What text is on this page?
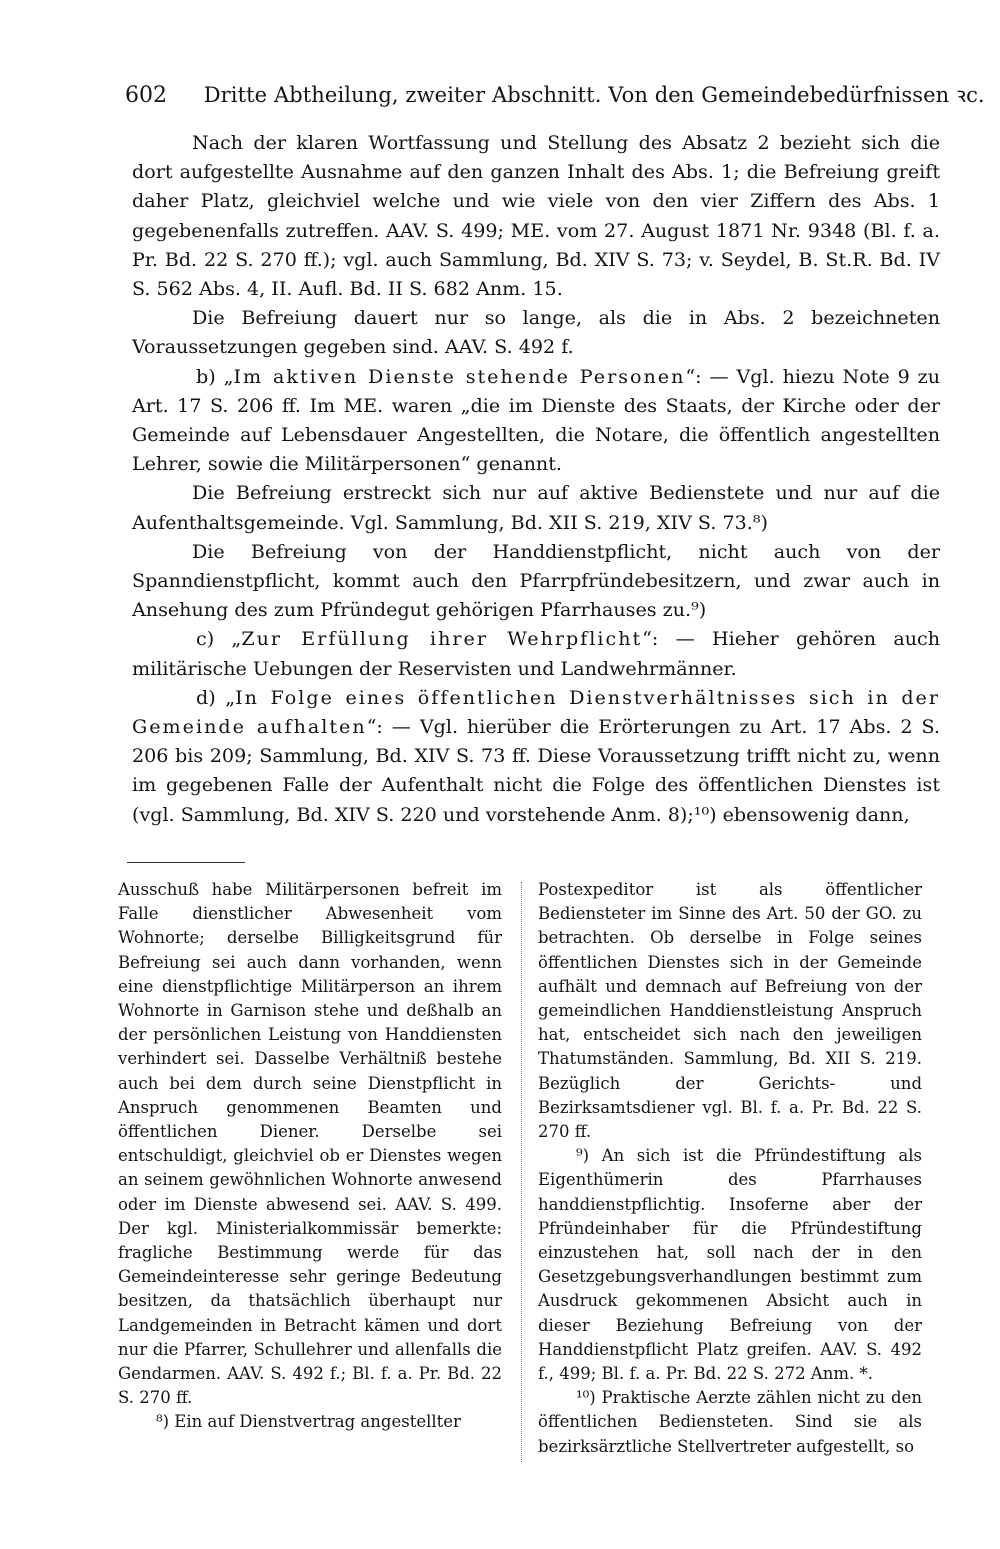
602 Dritte Abtheilung, zweiter Abschnitt. Von den Gemeindebedürfnissen ꝛc.

Nach der klaren Wortfassung und Stellung des Absatz 2 bezieht sich die dort aufgestellte Ausnahme auf den ganzen Inhalt des Abs. 1; die Befreiung greift daher Platz, gleichviel welche und wie viele von den vier Ziffern des Abs. 1 gegebenenfalls zutreffen. AAV. S. 499; ME. vom 27. August 1871 Nr. 9348 (Bl. f. a. Pr. Bd. 22 S. 270 ff.); vgl. auch Sammlung, Bd. XIV S. 73; v. Seydel, B. St.R. Bd. IV S. 562 Abs. 4, II. Aufl. Bd. II S. 682 Anm. 15.

Die Befreiung dauert nur so lange, als die in Abs. 2 bezeichneten Voraussetzungen gegeben sind. AAV. S. 492 f.

b) „Im aktiven Dienste stehende Personen“: — Vgl. hiezu Note 9 zu Art. 17 S. 206 ff. Im ME. waren „die im Dienste des Staats, der Kirche oder der Gemeinde auf Lebensdauer Angestellten, die Notare, die öffentlich angestellten Lehrer, sowie die Militärpersonen“ genannt.

Die Befreiung erstreckt sich nur auf aktive Bedienstete und nur auf die Aufenthaltsgemeinde. Vgl. Sammlung, Bd. XII S. 219, XIV S. 73.⁸)

Die Befreiung von der Handdienstpflicht, nicht auch von der Spanndienstpflicht, kommt auch den Pfarrpfründebesitzern, und zwar auch in Ansehung des zum Pfründegut gehörigen Pfarrhauses zu.⁹)

c) „Zur Erfüllung ihrer Wehrpflicht“: — Hieher gehören auch militärische Uebungen der Reservisten und Landwehrmänner.

d) „In Folge eines öffentlichen Dienstverhältnisses sich in der Gemeinde aufhalten“: — Vgl. hierüber die Erörterungen zu Art. 17 Abs. 2 S. 206 bis 209; Sammlung, Bd. XIV S. 73 ff. Diese Voraussetzung trifft nicht zu, wenn im gegebenen Falle der Aufenthalt nicht die Folge des öffentlichen Dienstes ist (vgl. Sammlung, Bd. XIV S. 220 und vorstehende Anm. 8);¹⁰) ebensowenig dann,

Ausschuß habe Militärpersonen befreit im Falle dienstlicher Abwesenheit vom Wohnorte; derselbe Billigkeitsgrund für Befreiung sei auch dann vorhanden, wenn eine dienstpflichtige Militärperson an ihrem Wohnorte in Garnison stehe und deßhalb an der persönlichen Leistung von Handdiensten verhindert sei. Dasselbe Verhältniß bestehe auch bei dem durch seine Dienstpflicht in Anspruch genommenen Beamten und öffentlichen Diener. Derselbe sei entschuldigt, gleichviel ob er Dienstes wegen an seinem gewöhnlichen Wohnorte anwesend oder im Dienste abwesend sei. AAV. S. 499. Der kgl. Ministerialkommissär bemerkte: fragliche Bestimmung werde für das Gemeindeinteresse sehr geringe Bedeutung besitzen, da thatsächlich überhaupt nur Landgemeinden in Betracht kämen und dort nur die Pfarrer, Schullehrer und allenfalls die Gendarmen. AAV. S. 492 f.; Bl. f. a. Pr. Bd. 22 S. 270 ff.

⁸) Ein auf Dienstvertrag angestellter

Postexpeditor ist als öffentlicher Bediensteter im Sinne des Art. 50 der GO. zu betrachten. Ob derselbe in Folge seines öffentlichen Dienstes sich in der Gemeinde aufhält und demnach auf Befreiung von der gemeindlichen Handdienstleistung Anspruch hat, entscheidet sich nach den jeweiligen Thatumständen. Sammlung, Bd. XII S. 219. Bezüglich der Gerichts- und Bezirksamtsdiener vgl. Bl. f. a. Pr. Bd. 22 S. 270 ff.

⁹) An sich ist die Pfründestiftung als Eigenthümerin des Pfarrhauses handdienstpflichtig. Insoferne aber der Pfründeinhaber für die Pfründestiftung einzustehen hat, soll nach der in den Gesetzgebungsverhandlungen bestimmt zum Ausdruck gekommenen Absicht auch in dieser Beziehung Befreiung von der Handdienstpflicht Platz greifen. AAV. S. 492 f., 499; Bl. f. a. Pr. Bd. 22 S. 272 Anm. *.

¹⁰) Praktische Aerzte zählen nicht zu den öffentlichen Bediensteten. Sind sie als bezirksärztliche Stellvertreter aufgestellt, so
